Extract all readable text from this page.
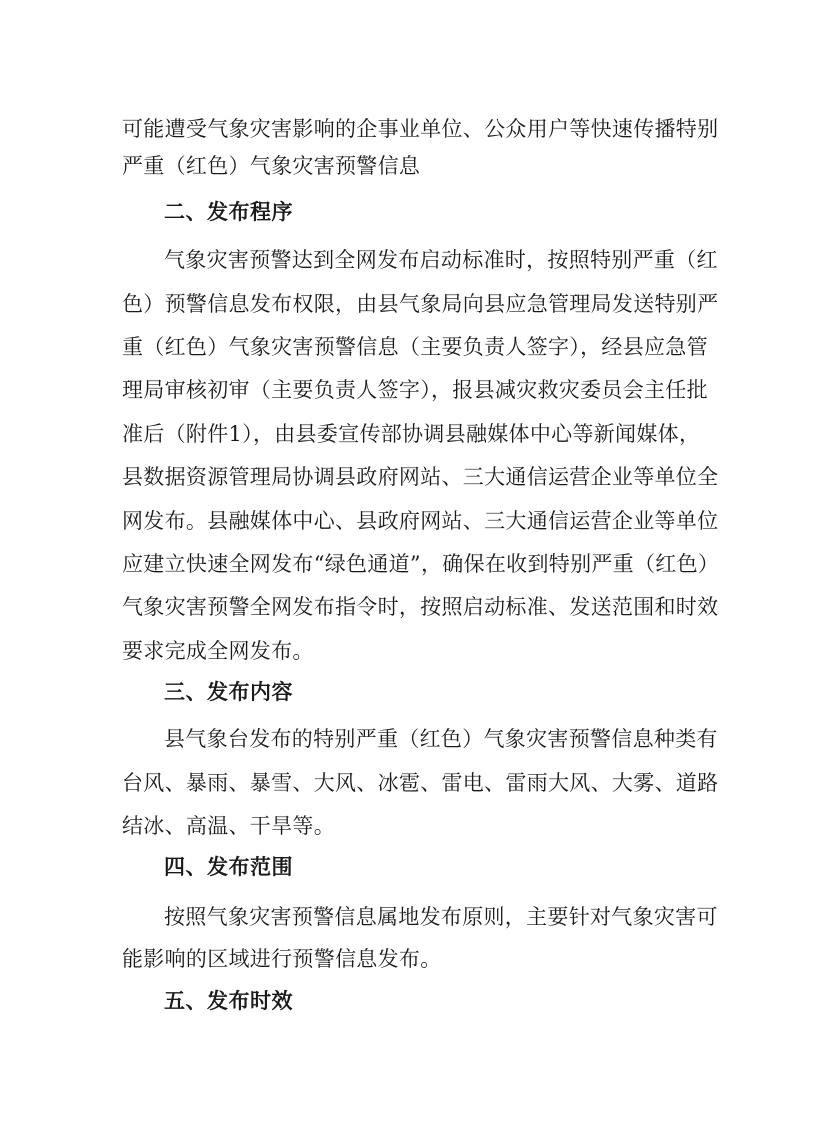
可能遭受气象灾害影响的企事业单位、公众用户等快速传播特别
严重（红色）气象灾害预警信息
二、发布程序
气象灾害预警达到全网发布启动标准时，按照特别严重（红
色）预警信息发布权限，由县气象局向县应急管理局发送特别严
重（红色）气象灾害预警信息（主要负责人签字），经县应急管
理局审核初审（主要负责人签字），报县减灾救灾委员会主任批
准后（附件1），由县委宣传部协调县融媒体中心等新闻媒体，
县数据资源管理局协调县政府网站、三大通信运营企业等单位全
网发布。县融媒体中心、县政府网站、三大通信运营企业等单位
应建立快速全网发布“绿色通道”，确保在收到特别严重（红色）
气象灾害预警全网发布指令时，按照启动标准、发送范围和时效
要求完成全网发布。
三、发布内容
县气象台发布的特别严重（红色）气象灾害预警信息种类有
台风、暴雨、暴雪、大风、冰雹、雷电、雷雨大风、大雾、道路
结冰、高温、干旱等。
四、发布范围
按照气象灾害预警信息属地发布原则，主要针对气象灾害可
能影响的区域进行预警信息发布。
五、发布时效
